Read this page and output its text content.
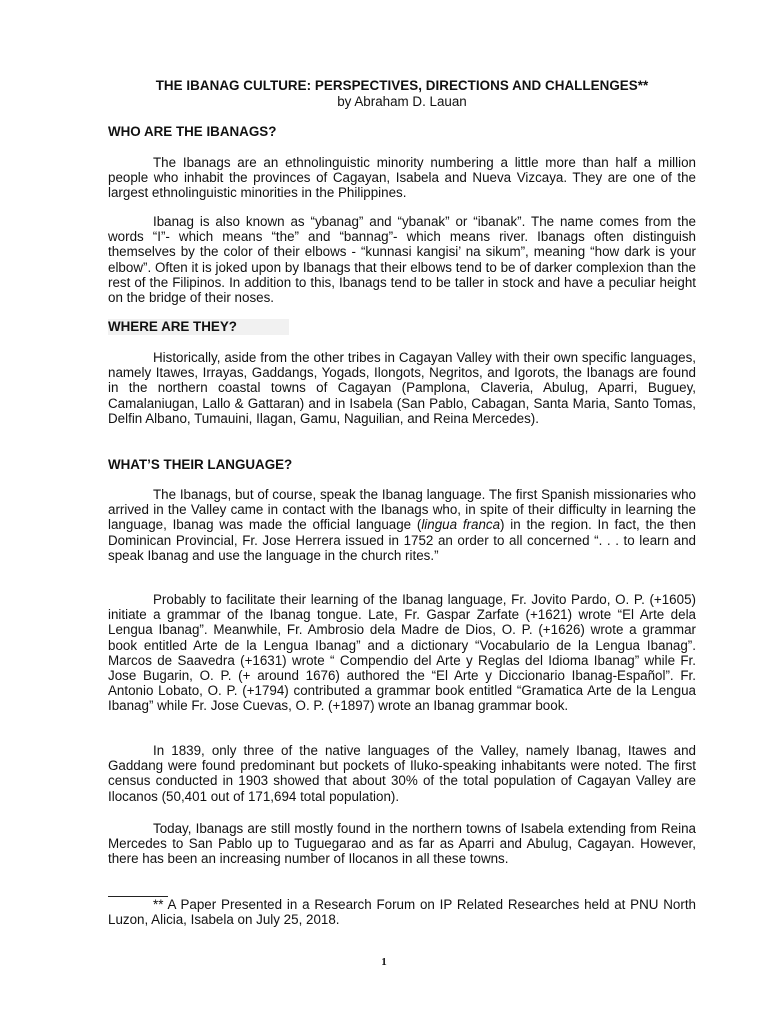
THE IBANAG CULTURE: PERSPECTIVES, DIRECTIONS AND CHALLENGES**
by Abraham D. Lauan
WHO ARE THE IBANAGS?
The Ibanags are an ethnolinguistic minority numbering a little more than half a million people who inhabit the provinces of Cagayan, Isabela and Nueva Vizcaya. They are one of the largest ethnolinguistic minorities in the Philippines.
Ibanag is also known as “ybanag” and “ybanak” or “ibanak”. The name comes from the words “I”- which means “the” and “bannag”- which means river. Ibanags often distinguish themselves by the color of their elbows - “kunnasi kangisi’ na sikum”, meaning “how dark is your elbow”. Often it is joked upon by Ibanags that their elbows tend to be of darker complexion than the rest of the Filipinos. In addition to this, Ibanags tend to be taller in stock and have a peculiar height on the bridge of their noses.
WHERE ARE THEY?
Historically, aside from the other tribes in Cagayan Valley with their own specific languages, namely Itawes, Irrayas, Gaddangs, Yogads, Ilongots, Negritos, and Igorots, the Ibanags are found in the northern coastal towns of Cagayan (Pamplona, Claveria, Abulug, Aparri, Buguey, Camalaniugan, Lallo & Gattaran) and in Isabela (San Pablo, Cabagan, Santa Maria, Santo Tomas, Delfin Albano, Tumauini, Ilagan, Gamu, Naguilian, and Reina Mercedes).
WHAT’S THEIR LANGUAGE?
The Ibanags, but of course, speak the Ibanag language. The first Spanish missionaries who arrived in the Valley came in contact with the Ibanags who, in spite of their difficulty in learning the language, Ibanag was made the official language (lingua franca) in the region. In fact, the then Dominican Provincial, Fr. Jose Herrera issued in 1752 an order to all concerned “. . . to learn and speak Ibanag and use the language in the church rites.”
Probably to facilitate their learning of the Ibanag language, Fr. Jovito Pardo, O. P. (+1605) initiate a grammar of the Ibanag tongue. Late, Fr. Gaspar Zarfate (+1621) wrote “El Arte dela Lengua Ibanag”. Meanwhile, Fr. Ambrosio dela Madre de Dios, O. P. (+1626) wrote a grammar book entitled Arte de la Lengua Ibanag” and a dictionary “Vocabulario de la Lengua Ibanag”. Marcos de Saavedra (+1631) wrote “ Compendio del Arte y Reglas del Idioma Ibanag” while Fr. Jose Bugarin, O. P. (+ around 1676) authored the “El Arte y Diccionario Ibanag-Español”. Fr. Antonio Lobato, O. P. (+1794) contributed a grammar book entitled “Gramatica Arte de la Lengua Ibanag” while Fr. Jose Cuevas, O. P. (+1897) wrote an Ibanag grammar book.
In 1839, only three of the native languages of the Valley, namely Ibanag, Itawes and Gaddang were found predominant but pockets of Iluko-speaking inhabitants were noted. The first census conducted in 1903 showed that about 30% of the total population of Cagayan Valley are Ilocanos (50,401 out of 171,694 total population).
Today, Ibanags are still mostly found in the northern towns of Isabela extending from Reina Mercedes to San Pablo up to Tuguegarao and as far as Aparri and Abulug, Cagayan. However, there has been an increasing number of Ilocanos in all these towns.
** A Paper Presented in a Research Forum on IP Related Researches held at PNU North Luzon, Alicia, Isabela on July 25, 2018.
1
